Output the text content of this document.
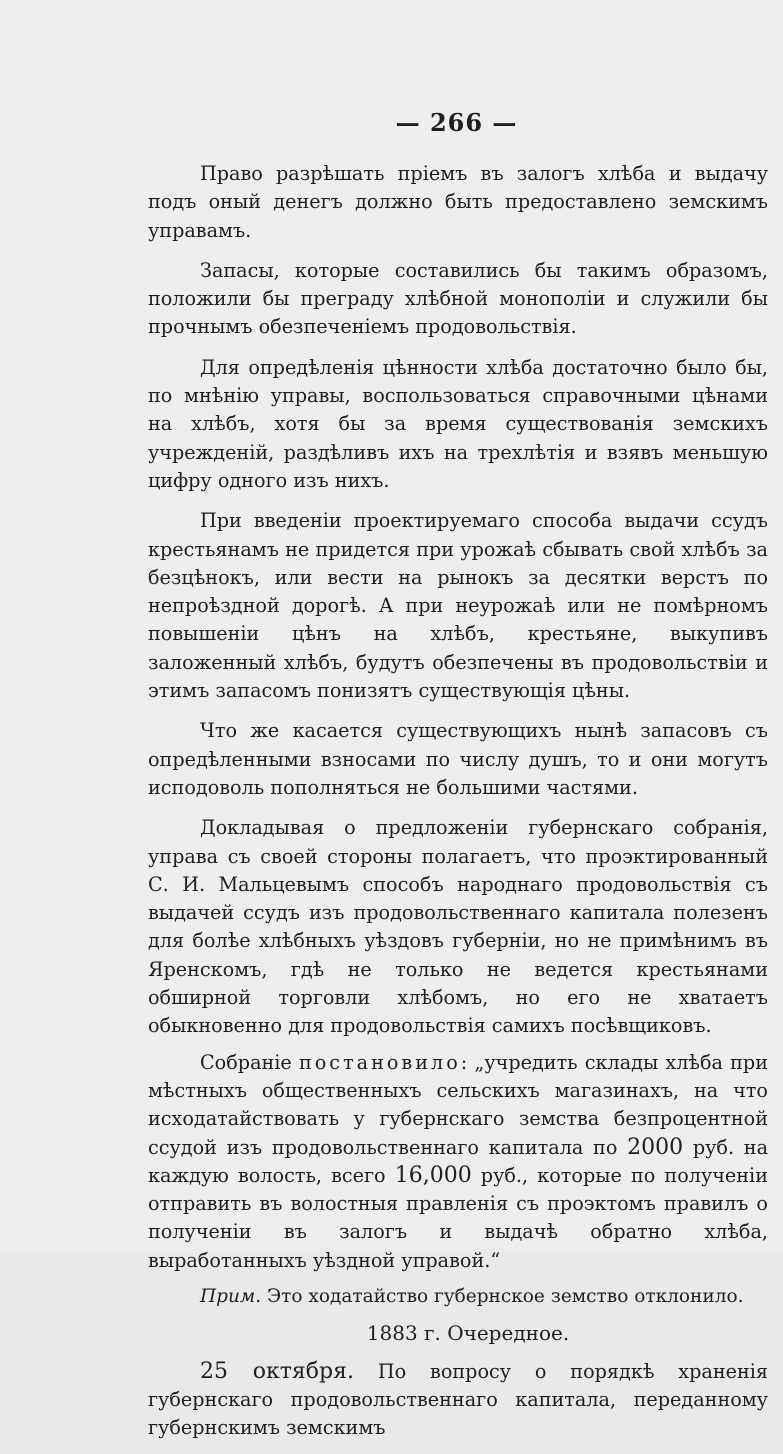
— 266 —

Право разрѣшать пріемъ въ залогъ хлѣба и выдачу подъ оный денегъ должно быть предоставлено земскимъ управамъ.

Запасы, которые составились бы такимъ образомъ, положили бы преграду хлѣбной монополіи и служили бы прочнымъ обезпеченіемъ продовольствія.

Для опредѣленія цѣнности хлѣба достаточно было бы, по мнѣнію управы, воспользоваться справочными цѣнами на хлѣбъ, хотя бы за время существованія земскихъ учрежденій, раздѣливъ ихъ на трехлѣтія и взявъ меньшую цифру одного изъ нихъ.

При введеніи проектируемаго способа выдачи ссудъ крестьянамъ не придется при урожаѣ сбывать свой хлѣбъ за безцѣнокъ, или вести на рынокъ за десятки верстъ по непроѣздной дорогѣ. А при неурожаѣ или не помѣрномъ повышеніи цѣнъ на хлѣбъ, крестьяне, выкупивъ заложенный хлѣбъ, будутъ обезпечены въ продовольствіи и этимъ запасомъ понизятъ существующія цѣны.

Что же касается существующихъ нынѣ запасовъ съ опредѣленными взносами по числу душъ, то и они могутъ исподоволь пополняться не большими частями.

Докладывая о предложеніи губернскаго собранія, управа съ своей стороны полагаетъ, что проэктированный С. И. Мальцевымъ способъ народнаго продовольствія съ выдачей ссудъ изъ продовольственнаго капитала полезенъ для болѣе хлѣбныхъ уѣздовъ губерніи, но не примѣнимъ въ Яренскомъ, гдѣ не только не ведется крестьянами обширной торговли хлѣбомъ, но его не хватаетъ обыкновенно для продовольствія самихъ посѣвщиковъ.

Собраніе постановило: „учредить склады хлѣба при мѣстныхъ общественныхъ сельскихъ магазинахъ, на что исходатайствовать у губернскаго земства безпроцентной ссудой изъ продовольственнаго капитала по 2000 руб. на каждую волость, всего 16,000 руб., которые по полученіи отправить въ волостныя правленія съ проэктомъ правилъ о полученіи въ залогъ и выдачѣ обратно хлѣба, выработанныхъ уѣздной управой.“

Прим. Это ходатайство губернское земство отклонило.

1883 г. Очередное.

25 октября. По вопросу о порядкѣ храненія губернскаго продовольственнаго капитала, переданному губернскимъ земскимъ
